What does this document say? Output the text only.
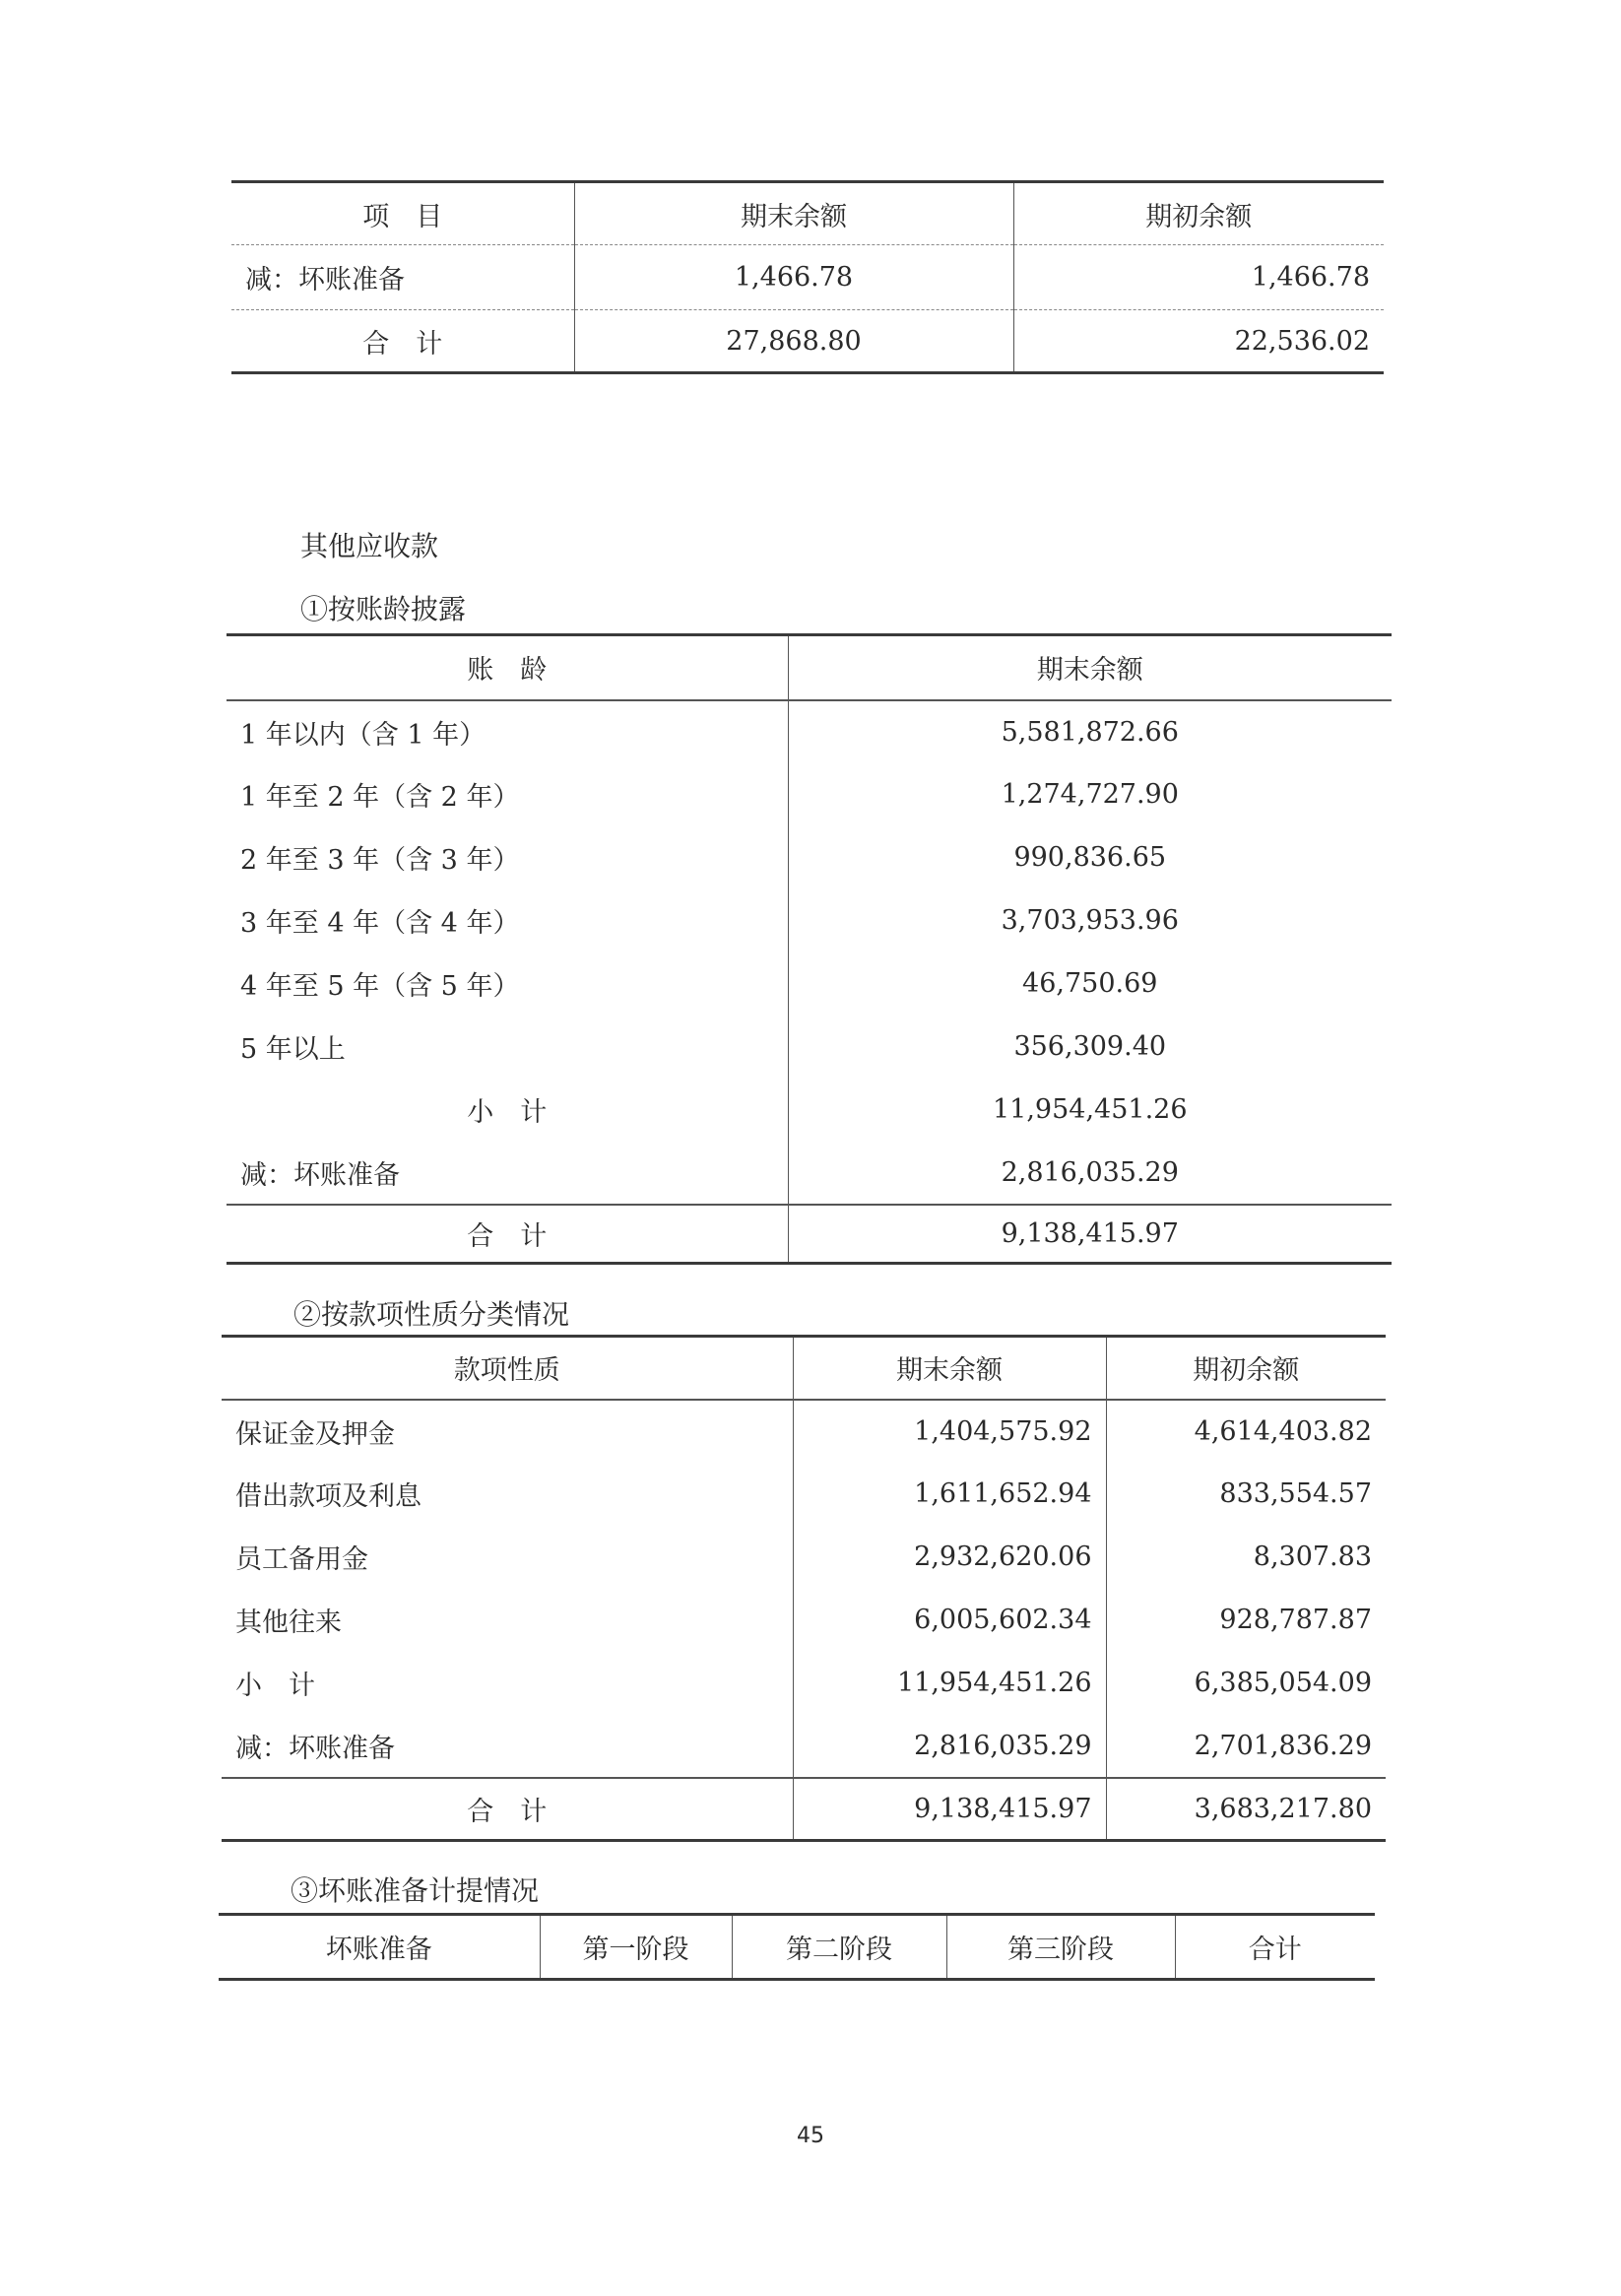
项　目	期末余额	期初余额
减：坏账准备	1,466.78	1,466.78
合　计	27,868.80	22,536.02
其他应收款
①按账龄披露
账　龄	期末余额
1 年以内（含 1 年）	5,581,872.66
1 年至 2 年（含 2 年）	1,274,727.90
2 年至 3 年（含 3 年）	990,836.65
3 年至 4 年（含 4 年）	3,703,953.96
4 年至 5 年（含 5 年）	46,750.69
5 年以上	356,309.40
小　计	11,954,451.26
减：坏账准备	2,816,035.29
合　计	9,138,415.97
②按款项性质分类情况
款项性质	期末余额	期初余额
保证金及押金	1,404,575.92	4,614,403.82
借出款项及利息	1,611,652.94	833,554.57
员工备用金	2,932,620.06	8,307.83
其他往来	6,005,602.34	928,787.87
小　计	11,954,451.26	6,385,054.09
减：坏账准备	2,816,035.29	2,701,836.29
合　计	9,138,415.97	3,683,217.80
③坏账准备计提情况
坏账准备	第一阶段	第二阶段	第三阶段	合计
45
